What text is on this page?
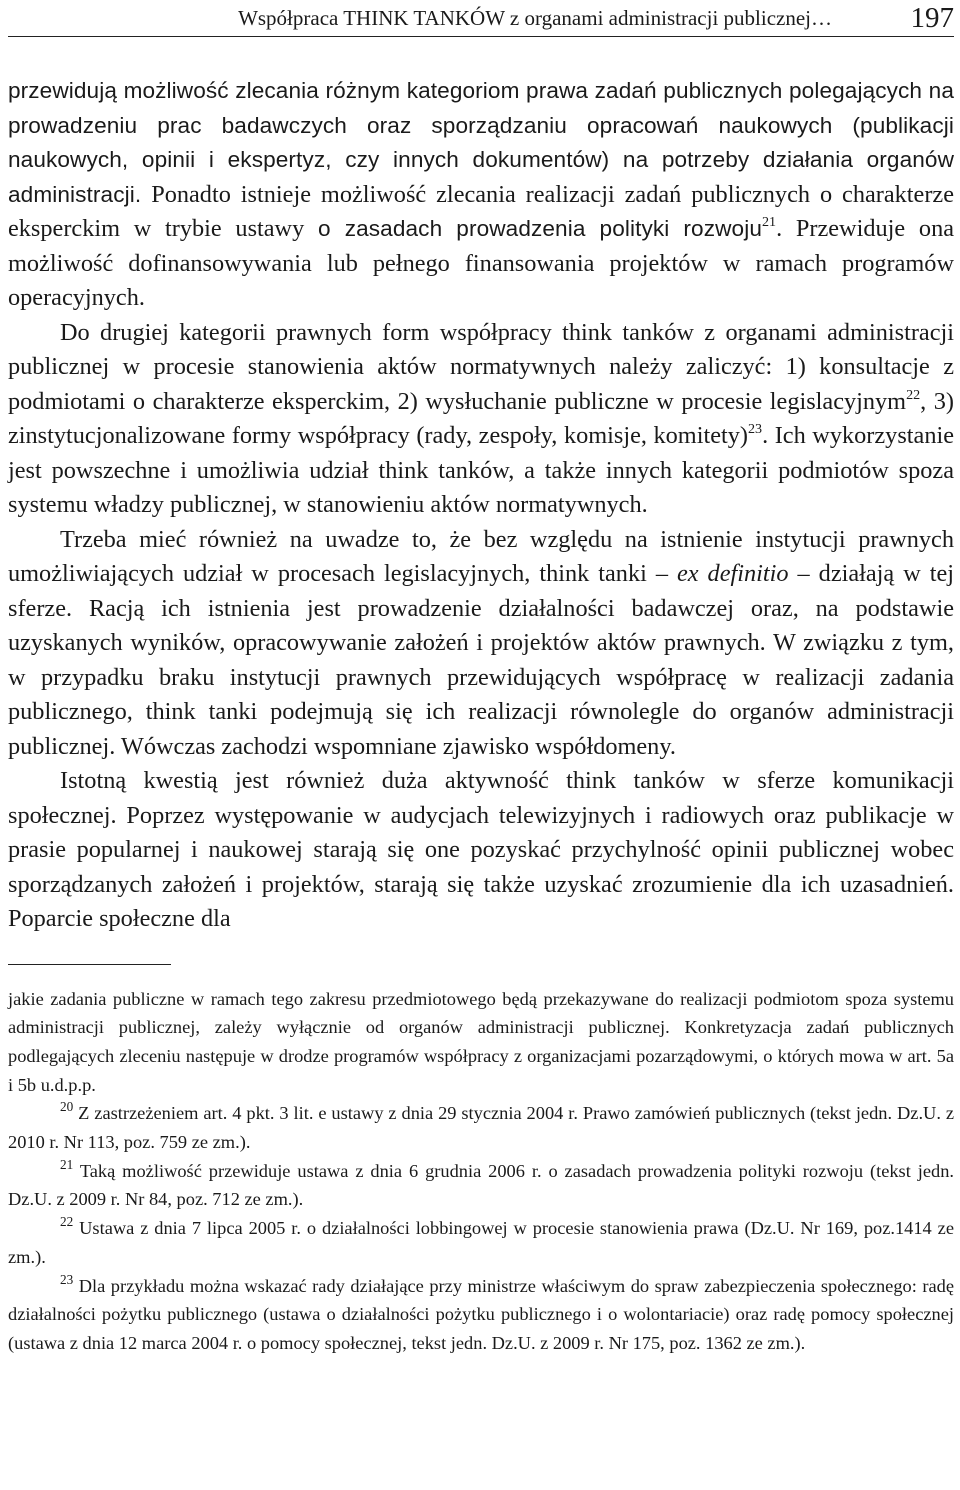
Współpraca THINK TANKÓW z organami administracji publicznej…	197

przewidują możliwość zlecania różnym kategoriom prawa zadań publicznych polegających na prowadzeniu prac badawczych oraz sporządzaniu opracowań naukowych (publikacji naukowych, opinii i ekspertyz, czy innych dokumentów) na potrzeby działania organów administracji. Ponadto istnieje możliwość zlecania realizacji zadań publicznych o charakterze eksperckim w trybie ustawy o zasadach prowadzenia polityki rozwoju$^{21}$. Przewiduje ona możliwość dofinansowywania lub pełnego finansowania projektów w ramach programów operacyjnych.

Do drugiej kategorii prawnych form współpracy think tanków z organami administracji publicznej w procesie stanowienia aktów normatywnych należy zaliczyć: 1) konsultacje z podmiotami o charakterze eksperckim, 2) wysłuchanie publiczne w procesie legislacyjnym$^{22}$, 3) zinstytucjonalizowane formy współpracy (rady, zespoły, komisje, komitety)$^{23}$. Ich wykorzystanie jest powszechne i umożliwia udział think tanków, a także innych kategorii podmiotów spoza systemu władzy publicznej, w stanowieniu aktów normatywnych.

Trzeba mieć również na uwadze to, że bez względu na istnienie instytucji prawnych umożliwiających udział w procesach legislacyjnych, think tanki – ex definitio – działają w tej sferze. Racją ich istnienia jest prowadzenie działalności badawczej oraz, na podstawie uzyskanych wyników, opracowywanie założeń i projektów aktów prawnych. W związku z tym, w przypadku braku instytucji prawnych przewidujących współpracę w realizacji zadania publicznego, think tanki podejmują się ich realizacji równolegle do organów administracji publicznej. Wówczas zachodzi wspomniane zjawisko współdomeny.

Istotną kwestią jest również duża aktywność think tanków w sferze komunikacji społecznej. Poprzez występowanie w audycjach telewizyjnych i radiowych oraz publikacje w prasie popularnej i naukowej starają się one pozyskać przychylność opinii publicznej wobec sporządzanych założeń i projektów, starają się także uzyskać zrozumienie dla ich uzasadnień. Poparcie społeczne dla

jakie zadania publiczne w ramach tego zakresu przedmiotowego będą przekazywane do realizacji podmiotom spoza systemu administracji publicznej, zależy wyłącznie od organów administracji publicznej. Konkretyzacja zadań publicznych podlegających zleceniu następuje w drodze programów współpracy z organizacjami pozarządowymi, o których mowa w art. 5a i 5b u.d.p.p.

$^{20}$ Z zastrzeżeniem art. 4 pkt. 3 lit. e ustawy z dnia 29 stycznia 2004 r. Prawo zamówień publicznych (tekst jedn. Dz.U. z 2010 r. Nr 113, poz. 759 ze zm.).

$^{21}$ Taką możliwość przewiduje ustawa z dnia 6 grudnia 2006 r. o zasadach prowadzenia polityki rozwoju (tekst jedn. Dz.U. z 2009 r. Nr 84, poz. 712 ze zm.).

$^{22}$ Ustawa z dnia 7 lipca 2005 r. o działalności lobbingowej w procesie stanowienia prawa (Dz.U. Nr 169, poz.1414 ze zm.).

$^{23}$ Dla przykładu można wskazać rady działające przy ministrze właściwym do spraw zabezpieczenia społecznego: radę działalności pożytku publicznego (ustawa o działalności pożytku publicznego i o wolontariacie) oraz radę pomocy społecznej (ustawa z dnia 12 marca 2004 r. o pomocy społecznej, tekst jedn. Dz.U. z 2009 r. Nr 175, poz. 1362 ze zm.).
